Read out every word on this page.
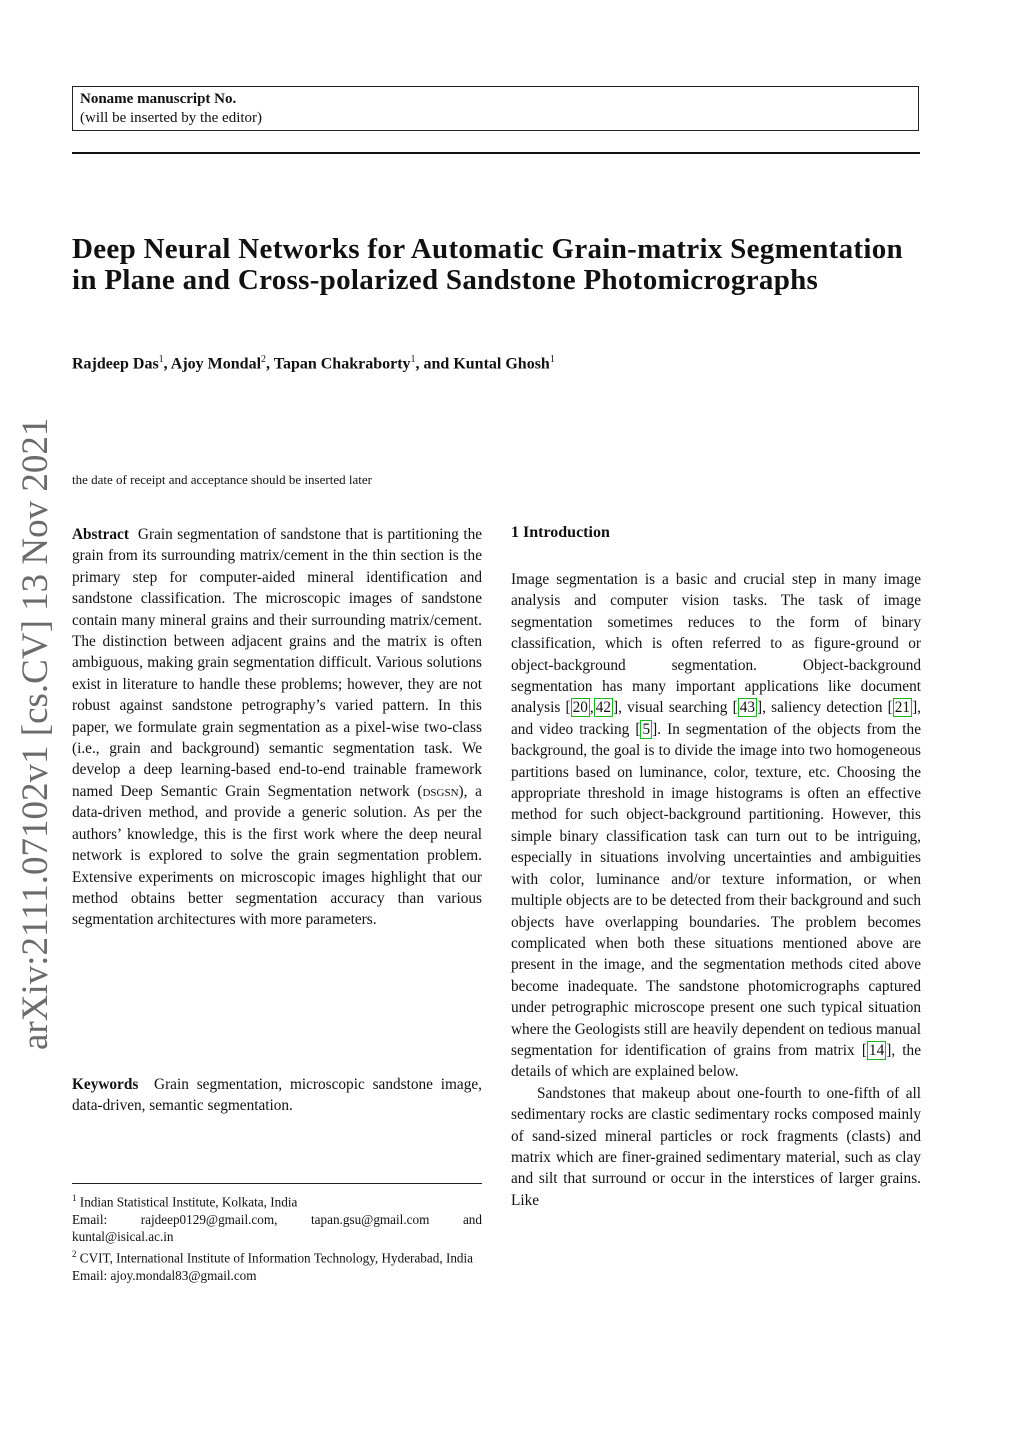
Noname manuscript No.
(will be inserted by the editor)
arXiv:2111.07102v1 [cs.CV] 13 Nov 2021
Deep Neural Networks for Automatic Grain-matrix Segmentation in Plane and Cross-polarized Sandstone Photomicrographs
Rajdeep Das$^1$, Ajoy Mondal$^2$, Tapan Chakraborty$^1$, and Kuntal Ghosh$^1$
the date of receipt and acceptance should be inserted later

Abstract Grain segmentation of sandstone that is partitioning the grain from its surrounding matrix/cement in the thin section is the primary step for computer-aided mineral identification and sandstone classification. The microscopic images of sandstone contain many mineral grains and their surrounding matrix/cement. The distinction between adjacent grains and the matrix is often ambiguous, making grain segmentation difficult. Various solutions exist in literature to handle these problems; however, they are not robust against sandstone petrography’s varied pattern. In this paper, we formulate grain segmentation as a pixel-wise two-class (i.e., grain and background) semantic segmentation task. We develop a deep learning-based end-to-end trainable framework named Deep Semantic Grain Segmentation network (dsgsn), a data-driven method, and provide a generic solution. As per the authors’ knowledge, this is the first work where the deep neural network is explored to solve the grain segmentation problem. Extensive experiments on microscopic images highlight that our method obtains better segmentation accuracy than various segmentation architectures with more parameters.

Keywords Grain segmentation, microscopic sandstone image, data-driven, semantic segmentation.

$^1$ Indian Statistical Institute, Kolkata, India

Email: rajdeep0129@gmail.com, tapan.gsu@gmail.com and kuntal@isical.ac.in

$^2$ CVIT, International Institute of Information Technology, Hyderabad, India

Email: ajoy.mondal83@gmail.com

1 Introduction

Image segmentation is a basic and crucial step in many image analysis and computer vision tasks. The task of image segmentation sometimes reduces to the form of binary classification, which is often referred to as figure-ground or object-background segmentation. Object-background segmentation has many important applications like document analysis [ 20 , 42 ], visual searching [ 43 ], saliency detection [ 21 ], and video tracking [ 5 ]. In segmentation of the objects from the background, the goal is to divide the image into two homogeneous partitions based on luminance, color, texture, etc. Choosing the appropriate threshold in image histograms is often an effective method for such object-background partitioning. However, this simple binary classification task can turn out to be intriguing, especially in situations involving uncertainties and ambiguities with color, luminance and/or texture information, or when multiple objects are to be detected from their background and such objects have overlapping boundaries. The problem becomes complicated when both these situations mentioned above are present in the image, and the segmentation methods cited above become inadequate. The sandstone photomicrographs captured under petrographic microscope present one such typical situation where the Geologists still are heavily dependent on tedious manual segmentation for identification of grains from matrix [ 14 ], the details of which are explained below.

Sandstones that makeup about one-fourth to one-fifth of all sedimentary rocks are clastic sedimentary rocks composed mainly of sand-sized mineral particles or rock fragments (clasts) and matrix which are finer-grained sedimentary material, such as clay and silt that surround or occur in the interstices of larger grains. Like
